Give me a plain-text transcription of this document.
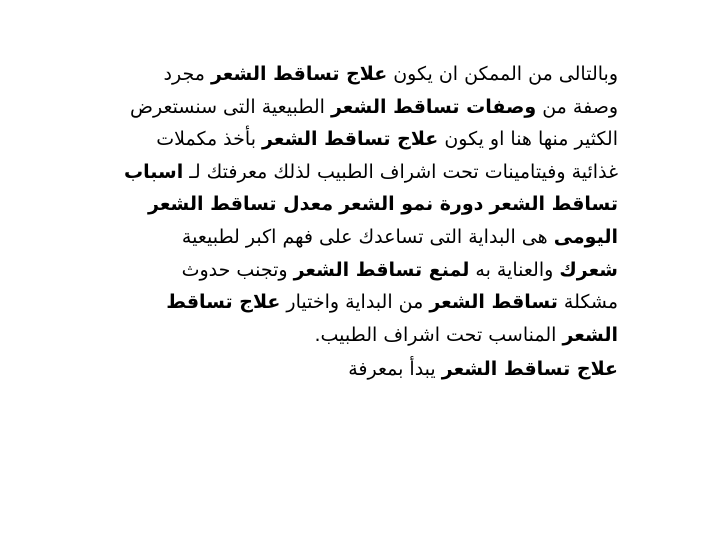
وبالتالى من الممكن ان يكون علاج تساقط الشعر مجرد وصفة من وصفات تساقط الشعر الطبيعية التى سنستعرض الكثير منها هنا او يكون علاج تساقط الشعر بأخذ مكملات غذائية وفيتامينات تحت اشراف الطبيب لذلك معرفتك لـ اسباب تساقط الشعر دورة نمو الشعر معدل تساقط الشعر اليومى هى البداية التى تساعدك على فهم اكبر لطبيعية شعرك والعناية به لمنع تساقط الشعر وتجنب حدوث مشكلة تساقط الشعر من البداية واختيار علاج تساقط الشعر المناسب تحت اشراف الطبيب.

علاج تساقط الشعر يبدأ بمعرفة
